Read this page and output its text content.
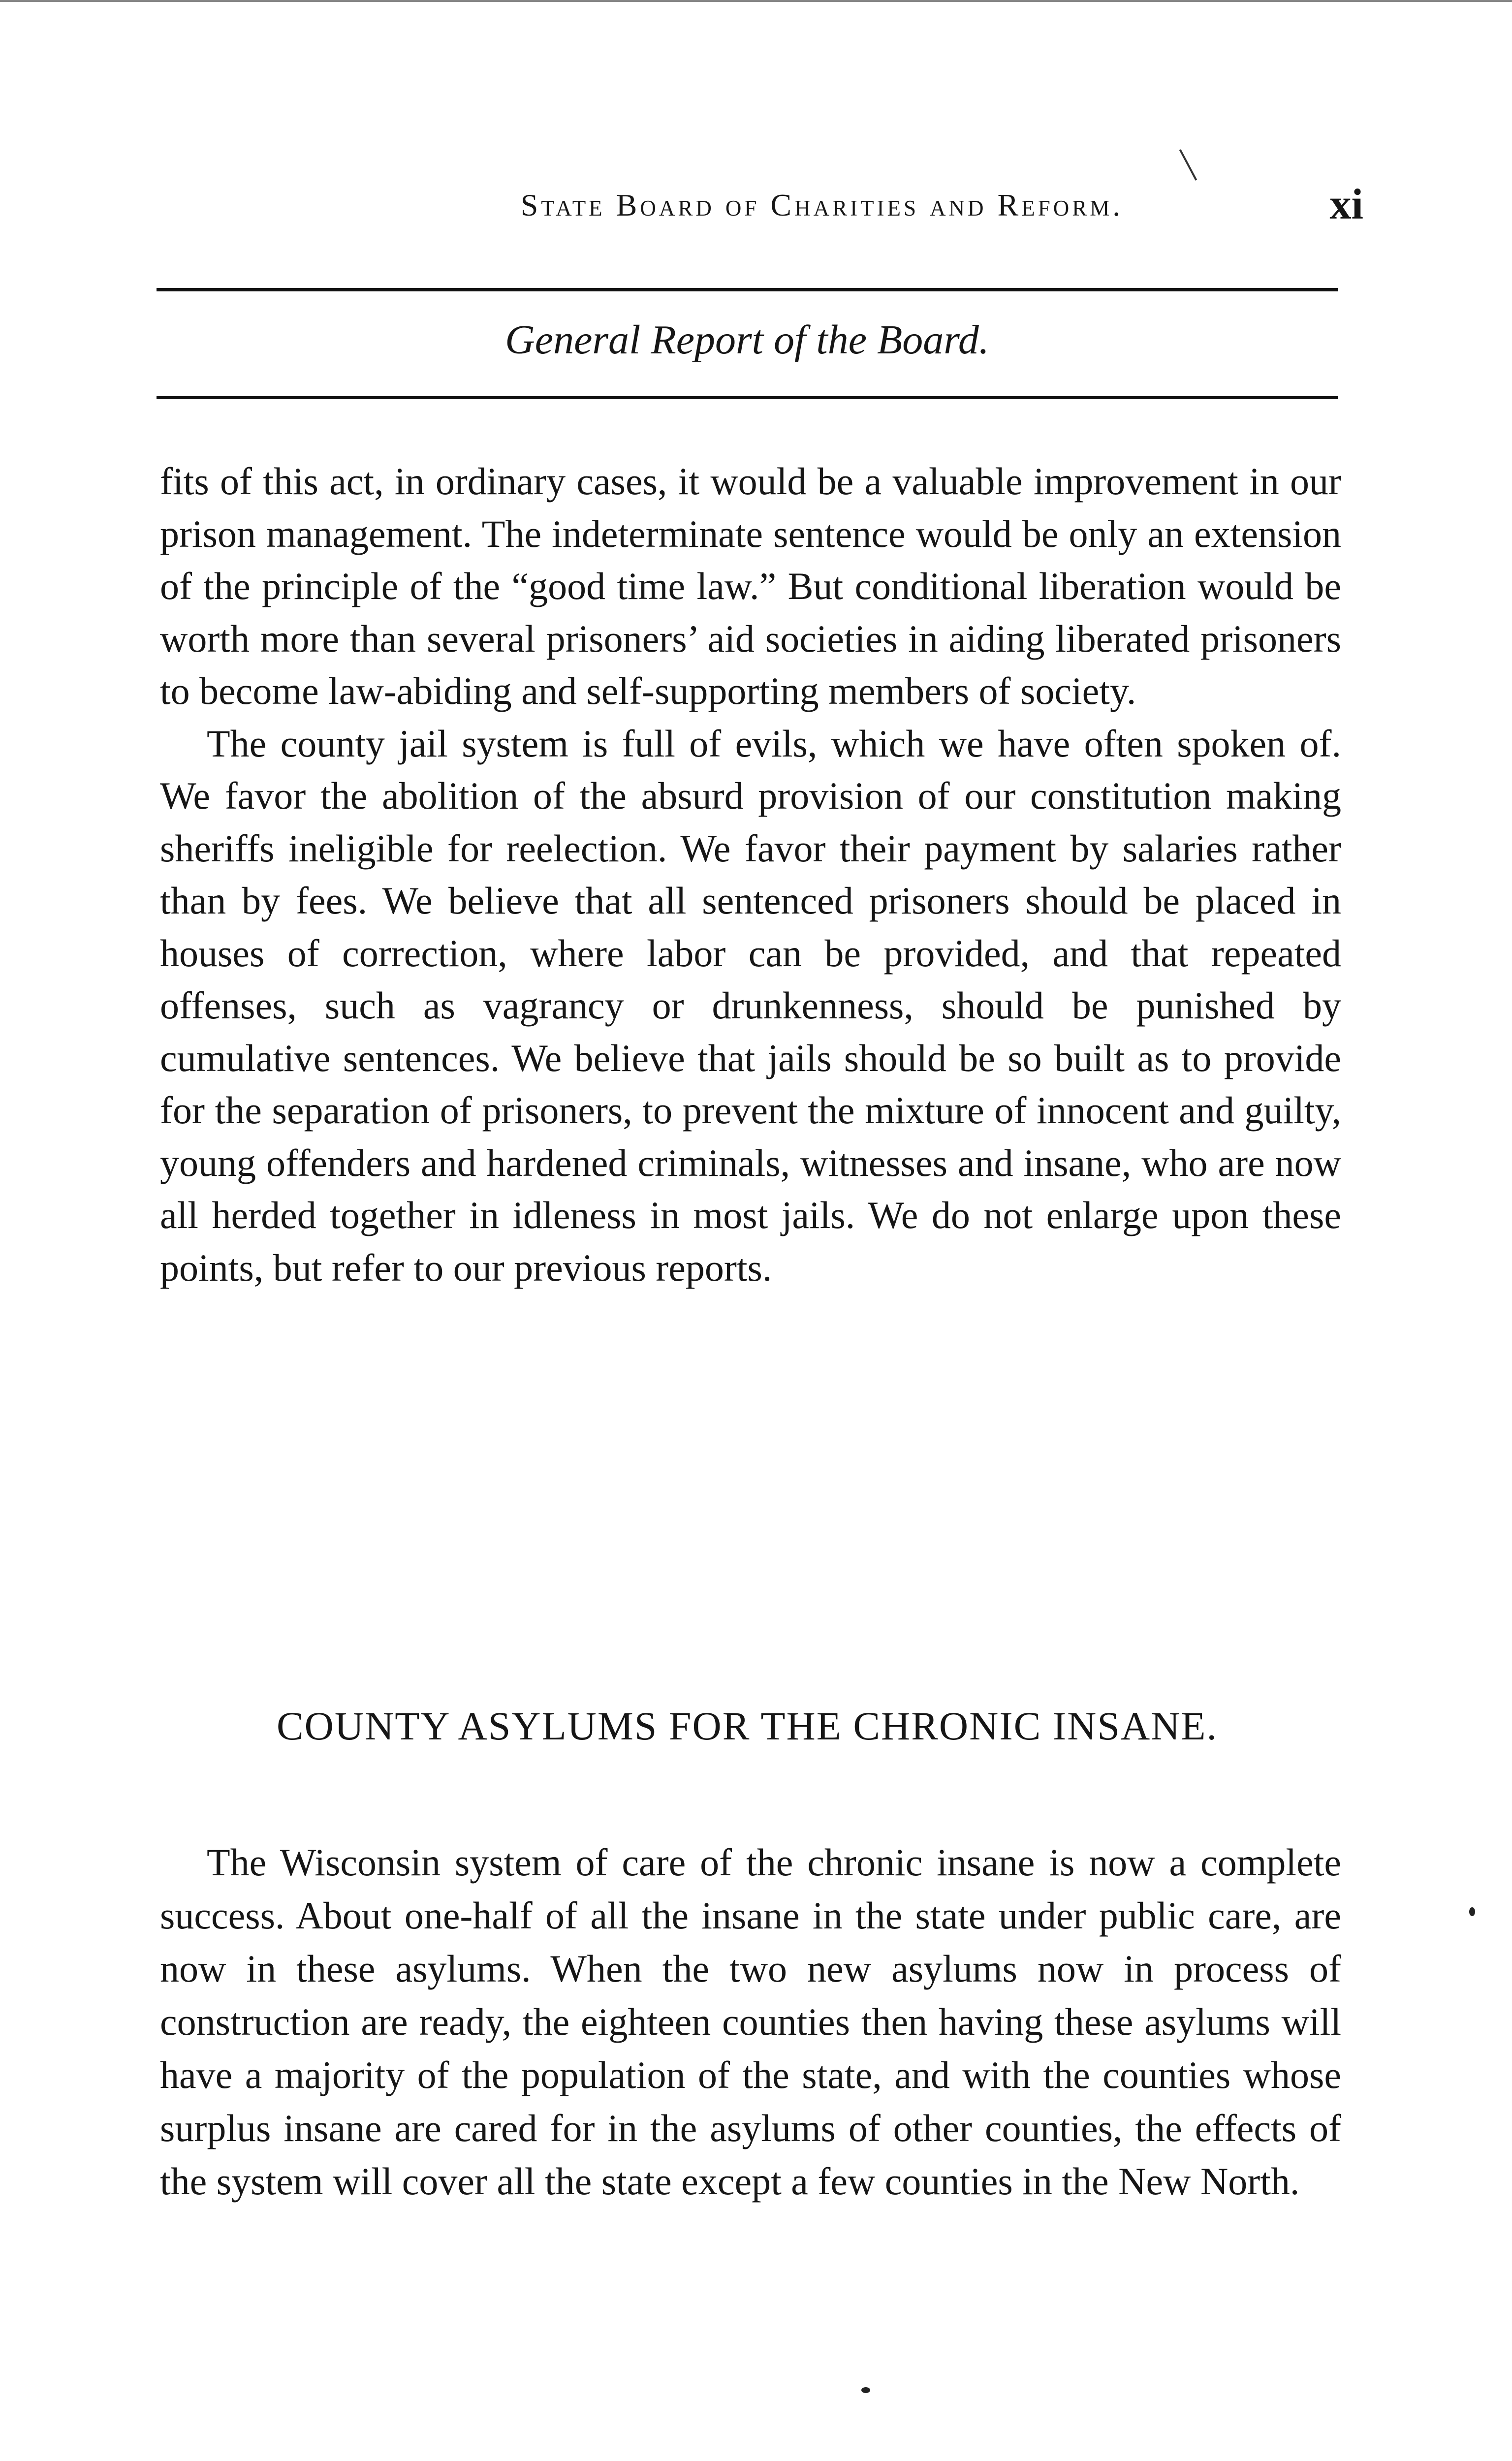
State Board of Charities and Reform.	xi
General Report of the Board.

fits of this act, in ordinary cases, it would be a valuable improvement in our prison management. The indeterminate sentence would be only an extension of the principle of the “good time law.” But conditional liberation would be worth more than several prisoners’ aid societies in aiding liberated prisoners to become law-abiding and self-supporting members of society.

The county jail system is full of evils, which we have often spoken of. We favor the abolition of the absurd provision of our constitution making sheriffs ineligible for reelection. We favor their payment by salaries rather than by fees. We believe that all sentenced prisoners should be placed in houses of correction, where labor can be provided, and that repeated offenses, such as vagrancy or drunkenness, should be punished by cumulative sentences. We believe that jails should be so built as to provide for the separation of prisoners, to prevent the mixture of innocent and guilty, young offenders and hardened criminals, witnesses and insane, who are now all herded together in idleness in most jails. We do not enlarge upon these points, but refer to our previous reports.

COUNTY ASYLUMS FOR THE CHRONIC INSANE.

The Wisconsin system of care of the chronic insane is now a complete success. About one-half of all the insane in the state under public care, are now in these asylums. When the two new asylums now in process of construction are ready, the eighteen counties then having these asylums will have a majority of the population of the state, and with the counties whose surplus insane are cared for in the asylums of other counties, the effects of the system will cover all the state except a few counties in the New North.
